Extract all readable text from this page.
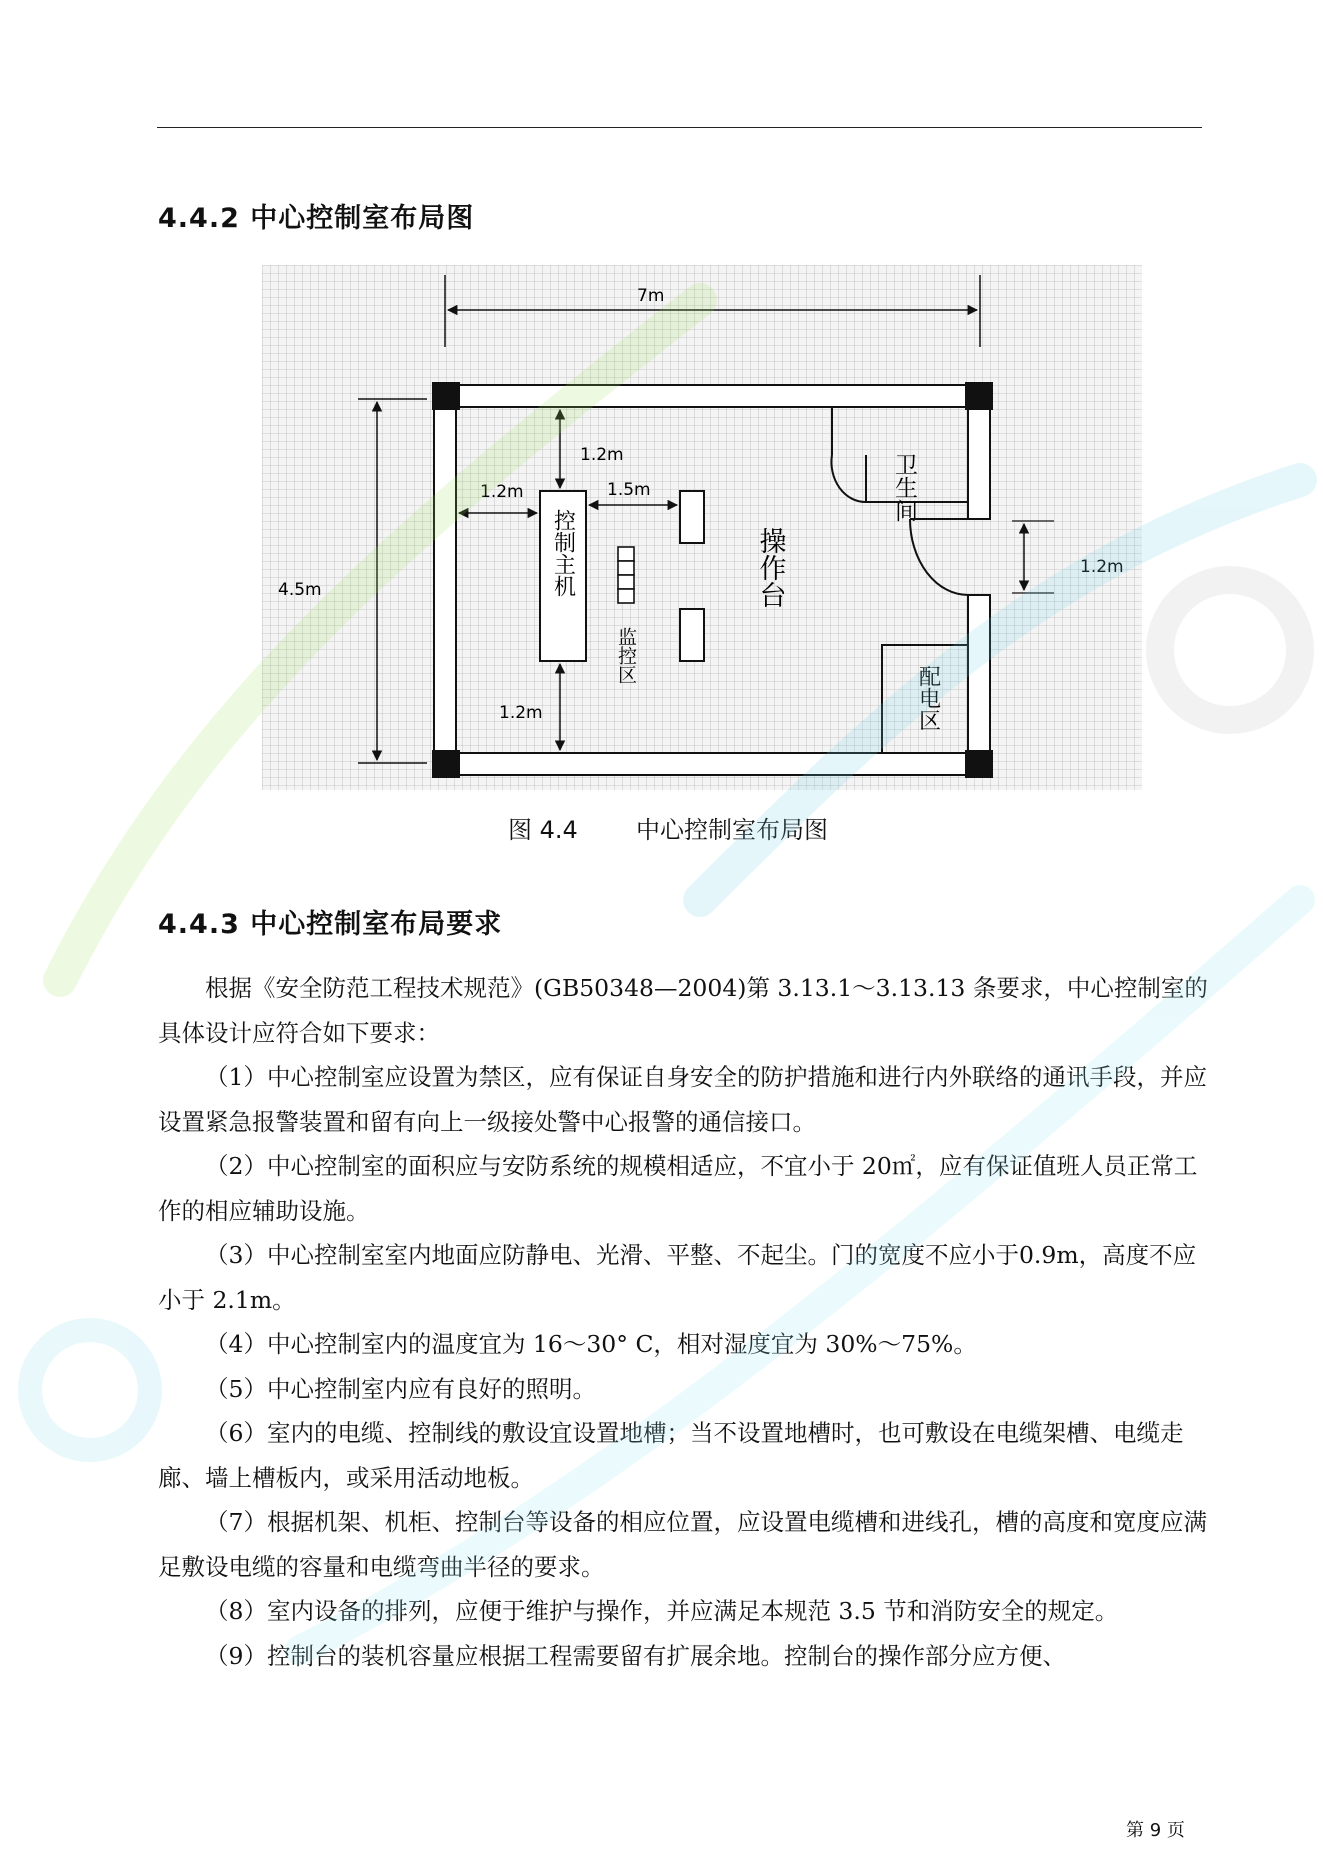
4.4.2 中心控制室布局图
7m
4.5m
卫生间
1.2m
配电区
控制主机
监控区
操作台
1.2m
1.2m	1.5m
1.2m
图 4.4 中心控制室布局图
4.4.3 中心控制室布局要求

根据《安全防范工程技术规范》(GB50348—2004)第 3.13.1～3.13.13 条要求，中心控制室的具体设计应符合如下要求：

（1）中心控制室应设置为禁区，应有保证自身安全的防护措施和进行内外联络的通讯手段，并应设置紧急报警装置和留有向上一级接处警中心报警的通信接口。

（2）中心控制室的面积应与安防系统的规模相适应，不宜小于 20㎡，应有保证值班人员正常工作的相应辅助设施。

（3）中心控制室室内地面应防静电、光滑、平整、不起尘。门的宽度不应小于0.9m，高度不应小于 2.1m。

（4）中心控制室内的温度宜为 16～30° C，相对湿度宜为 30%～75%。

（5）中心控制室内应有良好的照明。

（6）室内的电缆、控制线的敷设宜设置地槽；当不设置地槽时，也可敷设在电缆架槽、电缆走廊、墙上槽板内，或采用活动地板。

（7）根据机架、机柜、控制台等设备的相应位置，应设置电缆槽和进线孔，槽的高度和宽度应满足敷设电缆的容量和电缆弯曲半径的要求。

（8）室内设备的排列，应便于维护与操作，并应满足本规范 3.5 节和消防安全的规定。

（9）控制台的装机容量应根据工程需要留有扩展余地。控制台的操作部分应方便、

第 9 页
